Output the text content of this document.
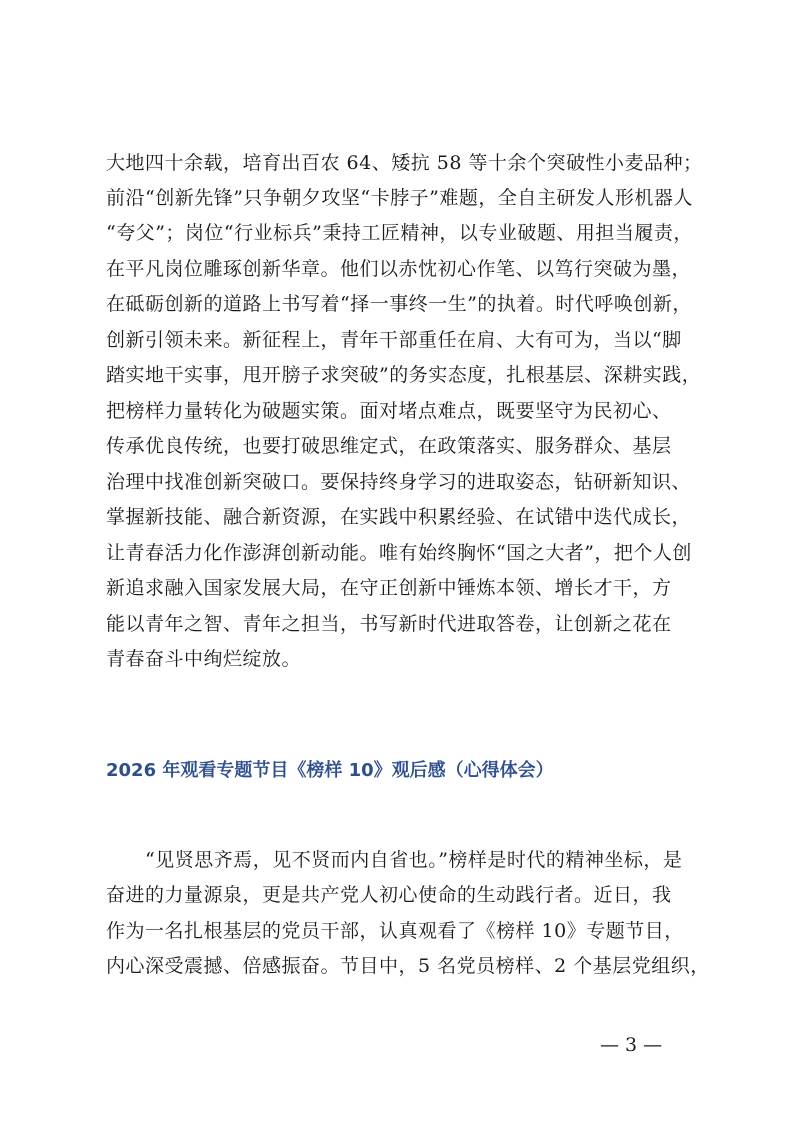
大地四十余载，培育出百农 64、矮抗 58 等十余个突破性小麦品种；
前沿“创新先锋”只争朝夕攻坚“卡脖子”难题，全自主研发人形机器人
“夸父”；岗位“行业标兵”秉持工匠精神，以专业破题、用担当履责，
在平凡岗位雕琢创新华章。他们以赤忱初心作笔、以笃行突破为墨，
在砥砺创新的道路上书写着“择一事终一生”的执着。时代呼唤创新，
创新引领未来。新征程上，青年干部重任在肩、大有可为，当以“脚
踏实地干实事，甩开膀子求突破”的务实态度，扎根基层、深耕实践，
把榜样力量转化为破题实策。面对堵点难点，既要坚守为民初心、
传承优良传统，也要打破思维定式，在政策落实、服务群众、基层
治理中找准创新突破口。要保持终身学习的进取姿态，钻研新知识、
掌握新技能、融合新资源，在实践中积累经验、在试错中迭代成长，
让青春活力化作澎湃创新动能。唯有始终胸怀“国之大者”，把个人创
新追求融入国家发展大局，在守正创新中锤炼本领、增长才干，方
能以青年之智、青年之担当，书写新时代进取答卷，让创新之花在
青春奋斗中绚烂绽放。
2026 年观看专题节目《榜样 10》观后感（心得体会）
“见贤思齐焉，见不贤而内自省也。”榜样是时代的精神坐标，是
奋进的力量源泉，更是共产党人初心使命的生动践行者。近日，我
作为一名扎根基层的党员干部，认真观看了《榜样 10》专题节目，
内心深受震撼、倍感振奋。节目中，5 名党员榜样、2 个基层党组织，
— 3 —
